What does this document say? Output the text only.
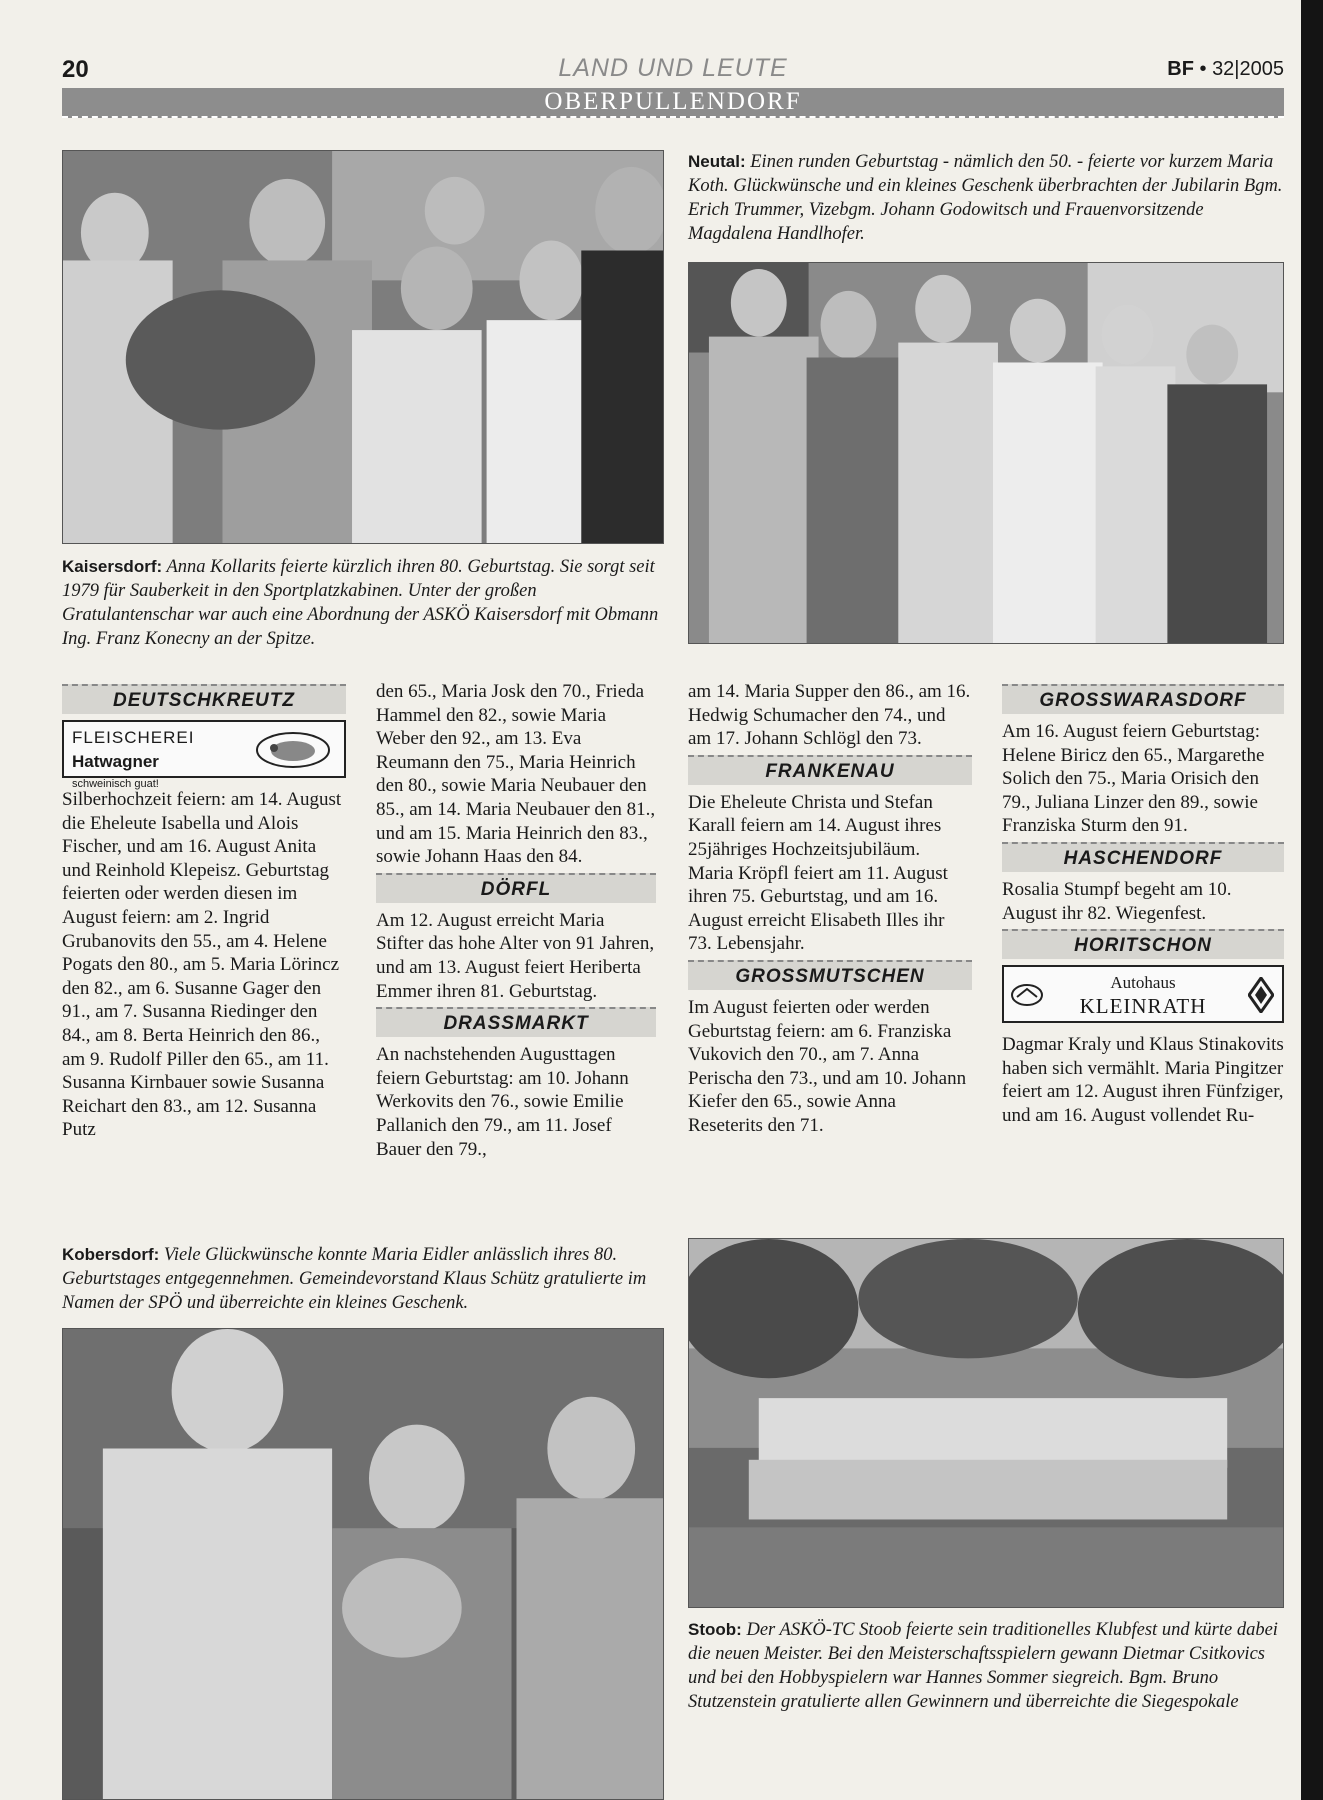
20	LAND UND LEUTE	BF • 32|2005
OBERPULLENDORF
Neutal: Einen runden Geburtstag - nämlich den 50. - feierte vor kurzem Maria Koth. Glückwünsche und ein kleines Geschenk überbrachten der Jubilarin Bgm. Erich Trummer, Vizebgm. Johann Godowitsch und Frauenvorsitzende Magdalena Handlhofer.
Kaisersdorf: Anna Kollarits feierte kürzlich ihren 80. Geburtstag. Sie sorgt seit 1979 für Sauberkeit in den Sportplatzkabinen. Unter der großen Gratulantenschar war auch eine Abordnung der ASKÖ Kaisersdorf mit Obmann Ing. Franz Konecny an der Spitze.
DEUTSCHKREUTZ
FLEISCHEREI
Hatwagner
schweinisch guat!

Silberhochzeit feiern: am 14. August die Eheleute Isabella und Alois Fischer, und am 16. August Anita und Reinhold Klepeisz. Geburtstag feierten oder werden diesen im August feiern: am 2. Ingrid Grubanovits den 55., am 4. Helene Pogats den 80., am 5. Maria Lörincz den 82., am 6. Susanne Gager den 91., am 7. Susanna Riedinger den 84., am 8. Berta Heinrich den 86., am 9. Rudolf Piller den 65., am 11. Susanna Kirnbauer sowie Susanna Reichart den 83., am 12. Susanna Putz

den 65., Maria Josk den 70., Frieda Hammel den 82., sowie Maria Weber den 92., am 13. Eva Reumann den 75., Maria Heinrich den 80., sowie Maria Neubauer den 85., am 14. Maria Neubauer den 81., und am 15. Maria Heinrich den 83., sowie Johann Haas den 84.

DÖRFL

Am 12. August erreicht Maria Stifter das hohe Alter von 91 Jahren, und am 13. August feiert Heriberta Emmer ihren 81. Geburtstag.

DRASSMARKT

An nachstehenden Augusttagen feiern Geburtstag: am 10. Johann Werkovits den 76., sowie Emilie Pallanich den 79., am 11. Josef Bauer den 79.,

am 14. Maria Supper den 86., am 16. Hedwig Schumacher den 74., und am 17. Johann Schlögl den 73.

FRANKENAU

Die Eheleute Christa und Stefan Karall feiern am 14. August ihres 25jähriges Hochzeitsjubiläum.

Maria Kröpfl feiert am 11. August ihren 75. Geburtstag, und am 16. August erreicht Elisabeth Illes ihr 73. Lebensjahr.

GROSSMUTSCHEN

Im August feierten oder werden Geburtstag feiern: am 6. Franziska Vukovich den 70., am 7. Anna Perischa den 73., und am 10. Johann Kiefer den 65., sowie Anna Reseterits den 71.

GROSSWARASDORF

Am 16. August feiern Geburtstag: Helene Biricz den 65., Margarethe Solich den 75., Maria Orisich den 79., Juliana Linzer den 89., sowie Franziska Sturm den 91.

HASCHENDORF

Rosalia Stumpf begeht am 10. August ihr 82. Wiegenfest.

HORITSCHON
Autohaus
KLEINRATH

Dagmar Kraly und Klaus Stinakovits haben sich vermählt. Maria Pingitzer feiert am 12. August ihren Fünfziger, und am 16. August vollendet Ru-

Kobersdorf: Viele Glückwünsche konnte Maria Eidler anlässlich ihres 80. Geburtstages entgegennehmen. Gemeindevorstand Klaus Schütz gratulierte im Namen der SPÖ und überreichte ein kleines Geschenk.
Stoob: Der ASKÖ-TC Stoob feierte sein traditionelles Klubfest und kürte dabei die neuen Meister. Bei den Meisterschaftsspielern gewann Dietmar Csitkovics und bei den Hobbyspielern war Hannes Sommer siegreich. Bgm. Bruno Stutzenstein gratulierte allen Gewinnern und überreichte die Siegespokale
